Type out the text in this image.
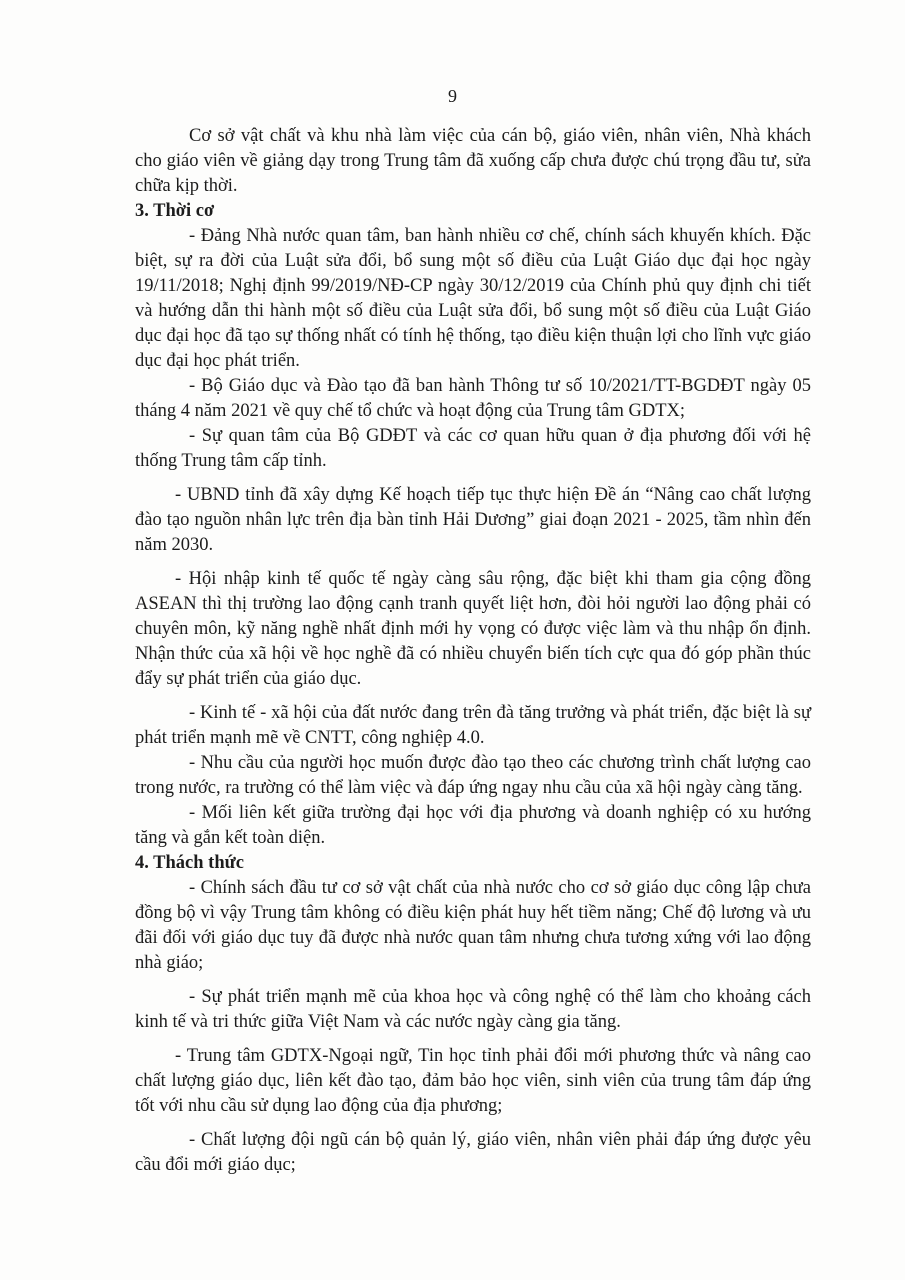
9

Cơ sở vật chất và khu nhà làm việc của cán bộ, giáo viên, nhân viên, Nhà khách cho giáo viên về giảng dạy trong Trung tâm đã xuống cấp chưa được chú trọng đầu tư, sửa chữa kịp thời.

3. Thời cơ

- Đảng Nhà nước quan tâm, ban hành nhiều cơ chế, chính sách khuyến khích. Đặc biệt, sự ra đời của Luật sửa đổi, bổ sung một số điều của Luật Giáo dục đại học ngày 19/11/2018; Nghị định 99/2019/NĐ-CP ngày 30/12/2019 của Chính phủ quy định chi tiết và hướng dẫn thi hành một số điều của Luật sửa đổi, bổ sung một số điều của Luật Giáo dục đại học đã tạo sự thống nhất có tính hệ thống, tạo điều kiện thuận lợi cho lĩnh vực giáo dục đại học phát triển.

- Bộ Giáo dục và Đào tạo đã ban hành Thông tư số 10/2021/TT-BGDĐT ngày 05 tháng 4 năm 2021 về quy chế tổ chức và hoạt động của Trung tâm GDTX;

- Sự quan tâm của Bộ GDĐT và các cơ quan hữu quan ở địa phương đối với hệ thống Trung tâm cấp tỉnh.

- UBND tỉnh đã xây dựng Kế hoạch tiếp tục thực hiện Đề án “Nâng cao chất lượng đào tạo nguồn nhân lực trên địa bàn tỉnh Hải Dương” giai đoạn 2021 - 2025, tầm nhìn đến năm 2030.

- Hội nhập kinh tế quốc tế ngày càng sâu rộng, đặc biệt khi tham gia cộng đồng ASEAN thì thị trường lao động cạnh tranh quyết liệt hơn, đòi hỏi người lao động phải có chuyên môn, kỹ năng nghề nhất định mới hy vọng có được việc làm và thu nhập ổn định. Nhận thức của xã hội về học nghề đã có nhiều chuyển biến tích cực qua đó góp phần thúc đẩy sự phát triển của giáo dục.

- Kinh tế - xã hội của đất nước đang trên đà tăng trưởng và phát triển, đặc biệt là sự phát triển mạnh mẽ về CNTT, công nghiệp 4.0.

- Nhu cầu của người học muốn được đào tạo theo các chương trình chất lượng cao trong nước, ra trường có thể làm việc và đáp ứng ngay nhu cầu của xã hội ngày càng tăng.

- Mối liên kết giữa trường đại học với địa phương và doanh nghiệp có xu hướng tăng và gắn kết toàn diện.

4. Thách thức

- Chính sách đầu tư cơ sở vật chất của nhà nước cho cơ sở giáo dục công lập chưa đồng bộ vì vậy Trung tâm không có điều kiện phát huy hết tiềm năng; Chế độ lương và ưu đãi đối với giáo dục tuy đã được nhà nước quan tâm nhưng chưa tương xứng với lao động nhà giáo;

- Sự phát triển mạnh mẽ của khoa học và công nghệ có thể làm cho khoảng cách kinh tế và tri thức giữa Việt Nam và các nước ngày càng gia tăng.

- Trung tâm GDTX-Ngoại ngữ, Tin học tỉnh phải đổi mới phương thức và nâng cao chất lượng giáo dục, liên kết đào tạo, đảm bảo học viên, sinh viên của trung tâm đáp ứng tốt với nhu cầu sử dụng lao động của địa phương;

- Chất lượng đội ngũ cán bộ quản lý, giáo viên, nhân viên phải đáp ứng được yêu cầu đổi mới giáo dục;
